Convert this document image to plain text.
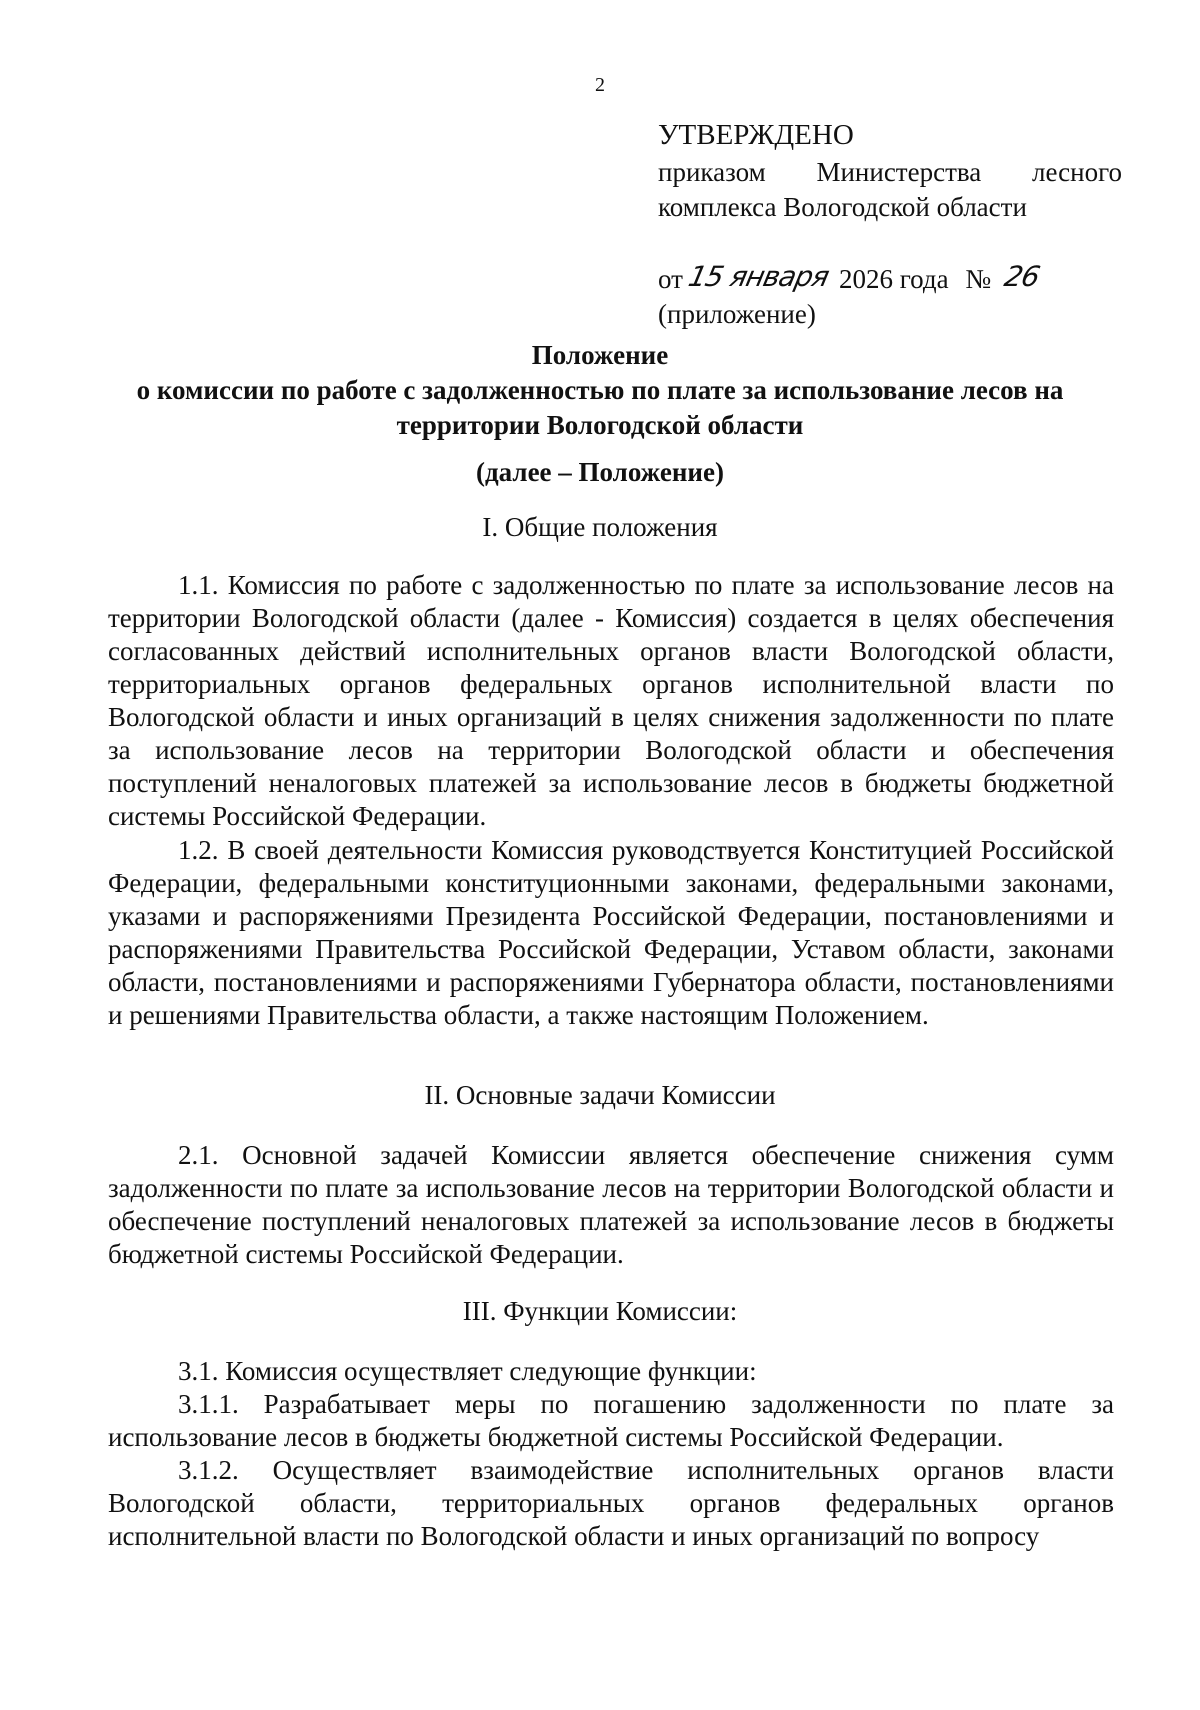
2
УТВЕРЖДЕНО
приказом Министерства лесного
комплекса Вологодской области
от15 января 2026 года № 26
(приложение)
Положение
о комиссии по работе с задолженностью по плате за использование лесов на
территории Вологодской области
(далее – Положение)
I. Общие положения
1.1. Комиссия по работе с задолженностью по плате за использование лесов на территории Вологодской области (далее - Комиссия) создается в целях обеспечения согласованных действий исполнительных органов власти Вологодской области, территориальных органов федеральных органов исполнительной власти по Вологодской области и иных организаций в целях снижения задолженности по плате за использование лесов на территории Вологодской области и обеспечения поступлений неналоговых платежей за использование лесов в бюджеты бюджетной системы Российской Федерации.
1.2. В своей деятельности Комиссия руководствуется Конституцией Российской Федерации, федеральными конституционными законами, федеральными законами, указами и распоряжениями Президента Российской Федерации, постановлениями и распоряжениями Правительства Российской Федерации, Уставом области, законами области, постановлениями и распоряжениями Губернатора области, постановлениями и решениями Правительства области, а также настоящим Положением.
II. Основные задачи Комиссии
2.1. Основной задачей Комиссии является обеспечение снижения сумм задолженности по плате за использование лесов на территории Вологодской области и обеспечение поступлений неналоговых платежей за использование лесов в бюджеты бюджетной системы Российской Федерации.
III. Функции Комиссии:
3.1. Комиссия осуществляет следующие функции:
3.1.1. Разрабатывает меры по погашению задолженности по плате за использование лесов в бюджеты бюджетной системы Российской Федерации.
3.1.2. Осуществляет взаимодействие исполнительных органов власти Вологодской области, территориальных органов федеральных органов исполнительной власти по Вологодской области и иных организаций по вопросу
